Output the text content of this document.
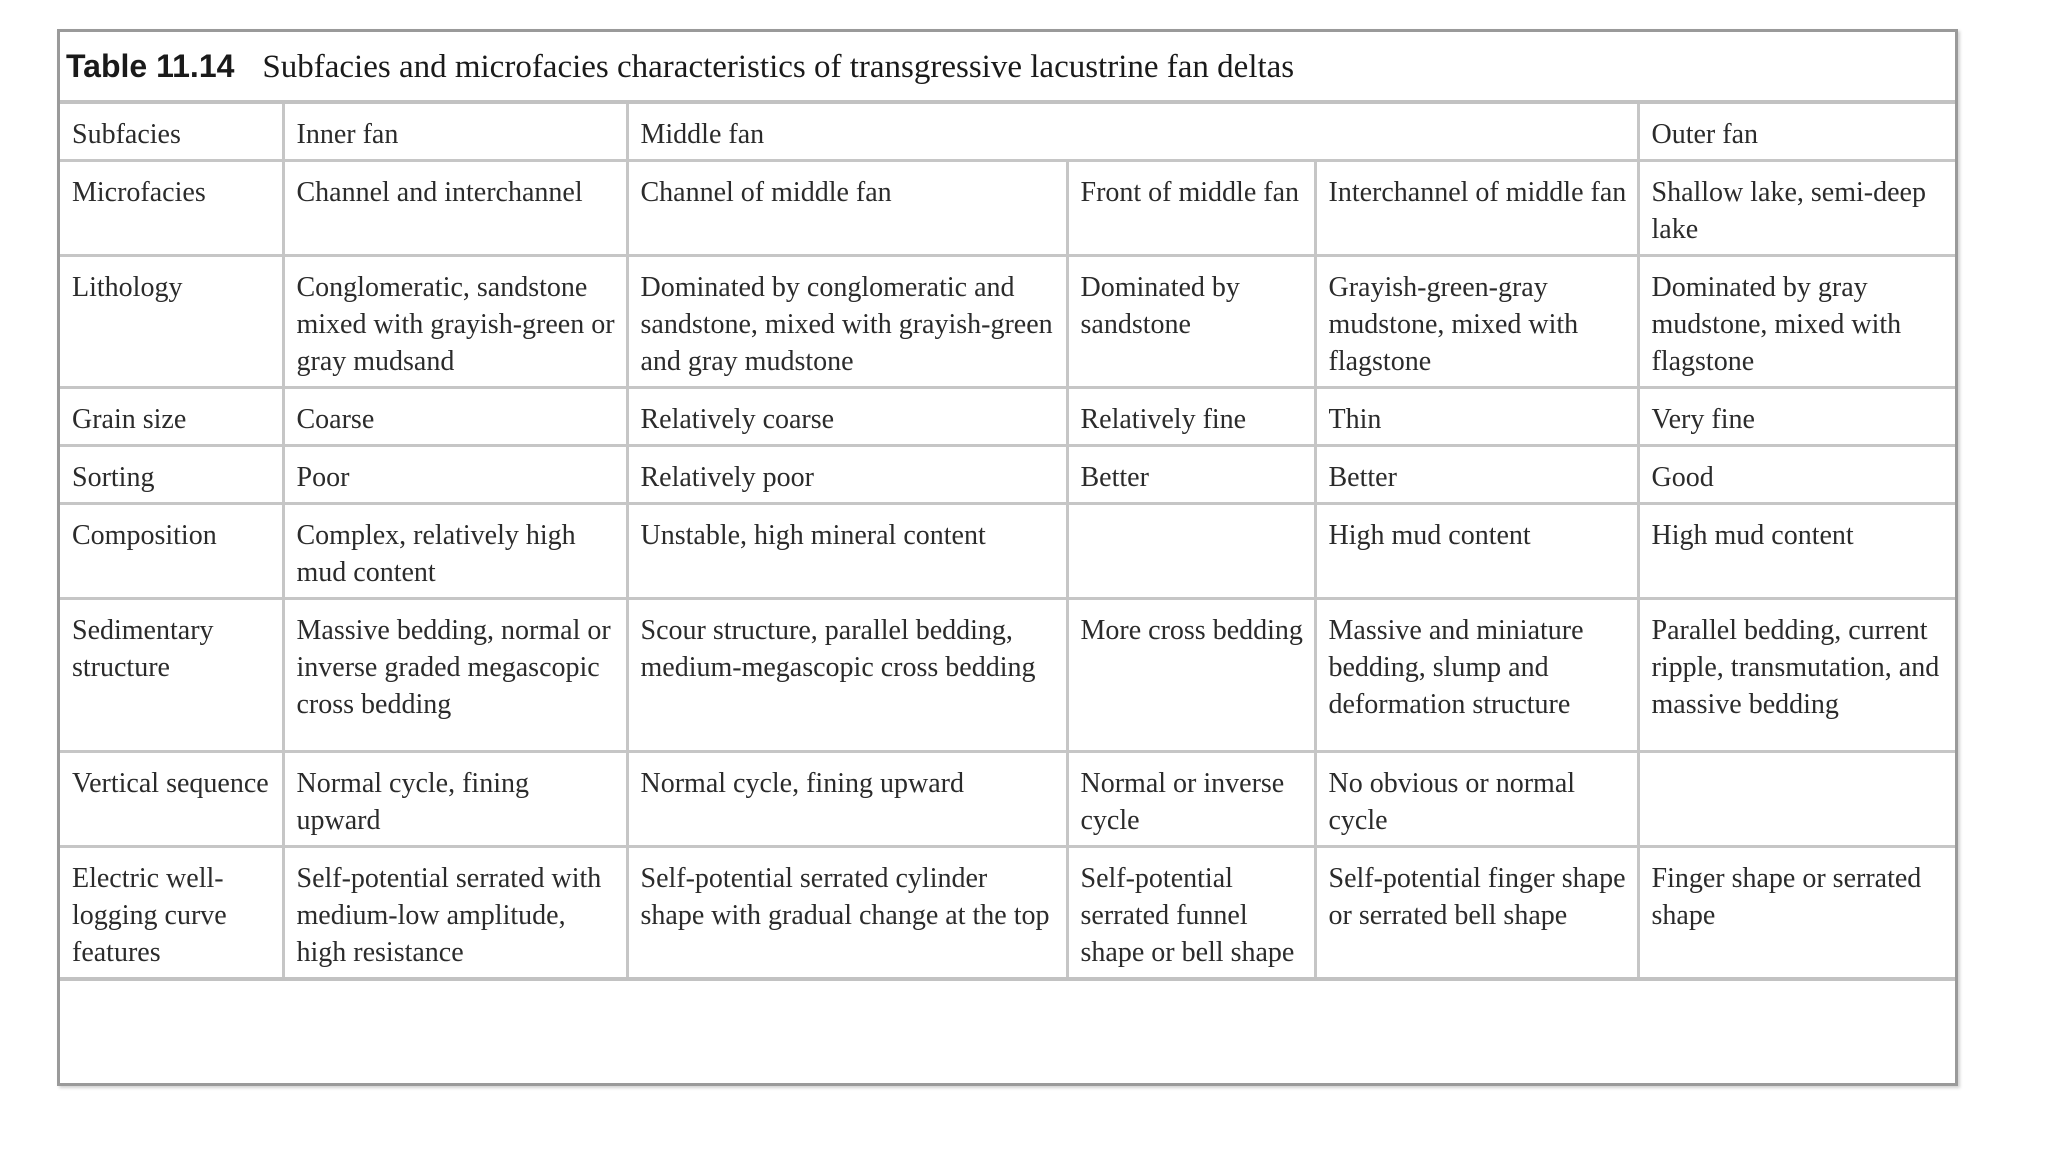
Table 11.14 Subfacies and microfacies characteristics of transgressive lacustrine fan deltas
Subfacies	Inner fan	Middle fan			Outer fan
Microfacies	Channel and interchannel	Channel of middle fan	Front of middle fan	Interchannel of middle fan	Shallow lake, semi-deep lake
Lithology	Conglomeratic, sandstone mixed with grayish-green or gray mudsand	Dominated by conglomeratic and sandstone, mixed with grayish-green and gray mudstone	Dominated by sandstone	Grayish-green-gray mudstone, mixed with flagstone	Dominated by gray mudstone, mixed with flagstone
Grain size	Coarse	Relatively coarse	Relatively fine	Thin	Very fine
Sorting	Poor	Relatively poor	Better	Better	Good
Composition	Complex, relatively high mud content	Unstable, high mineral content		High mud content	High mud content
Sedimentary structure	Massive bedding, normal or inverse graded megascopic cross bedding	Scour structure, parallel bedding, medium-megascopic cross bedding	More cross bedding	Massive and miniature bedding, slump and deformation structure	Parallel bedding, current ripple, transmutation, and massive bedding
Vertical sequence	Normal cycle, fining upward	Normal cycle, fining upward	Normal or inverse cycle	No obvious or normal cycle	
Electric well-logging curve features	Self-potential serrated with medium-low amplitude, high resistance	Self-potential serrated cylinder shape with gradual change at the top	Self-potential serrated funnel shape or bell shape	Self-potential finger shape or serrated bell shape	Finger shape or serrated shape
